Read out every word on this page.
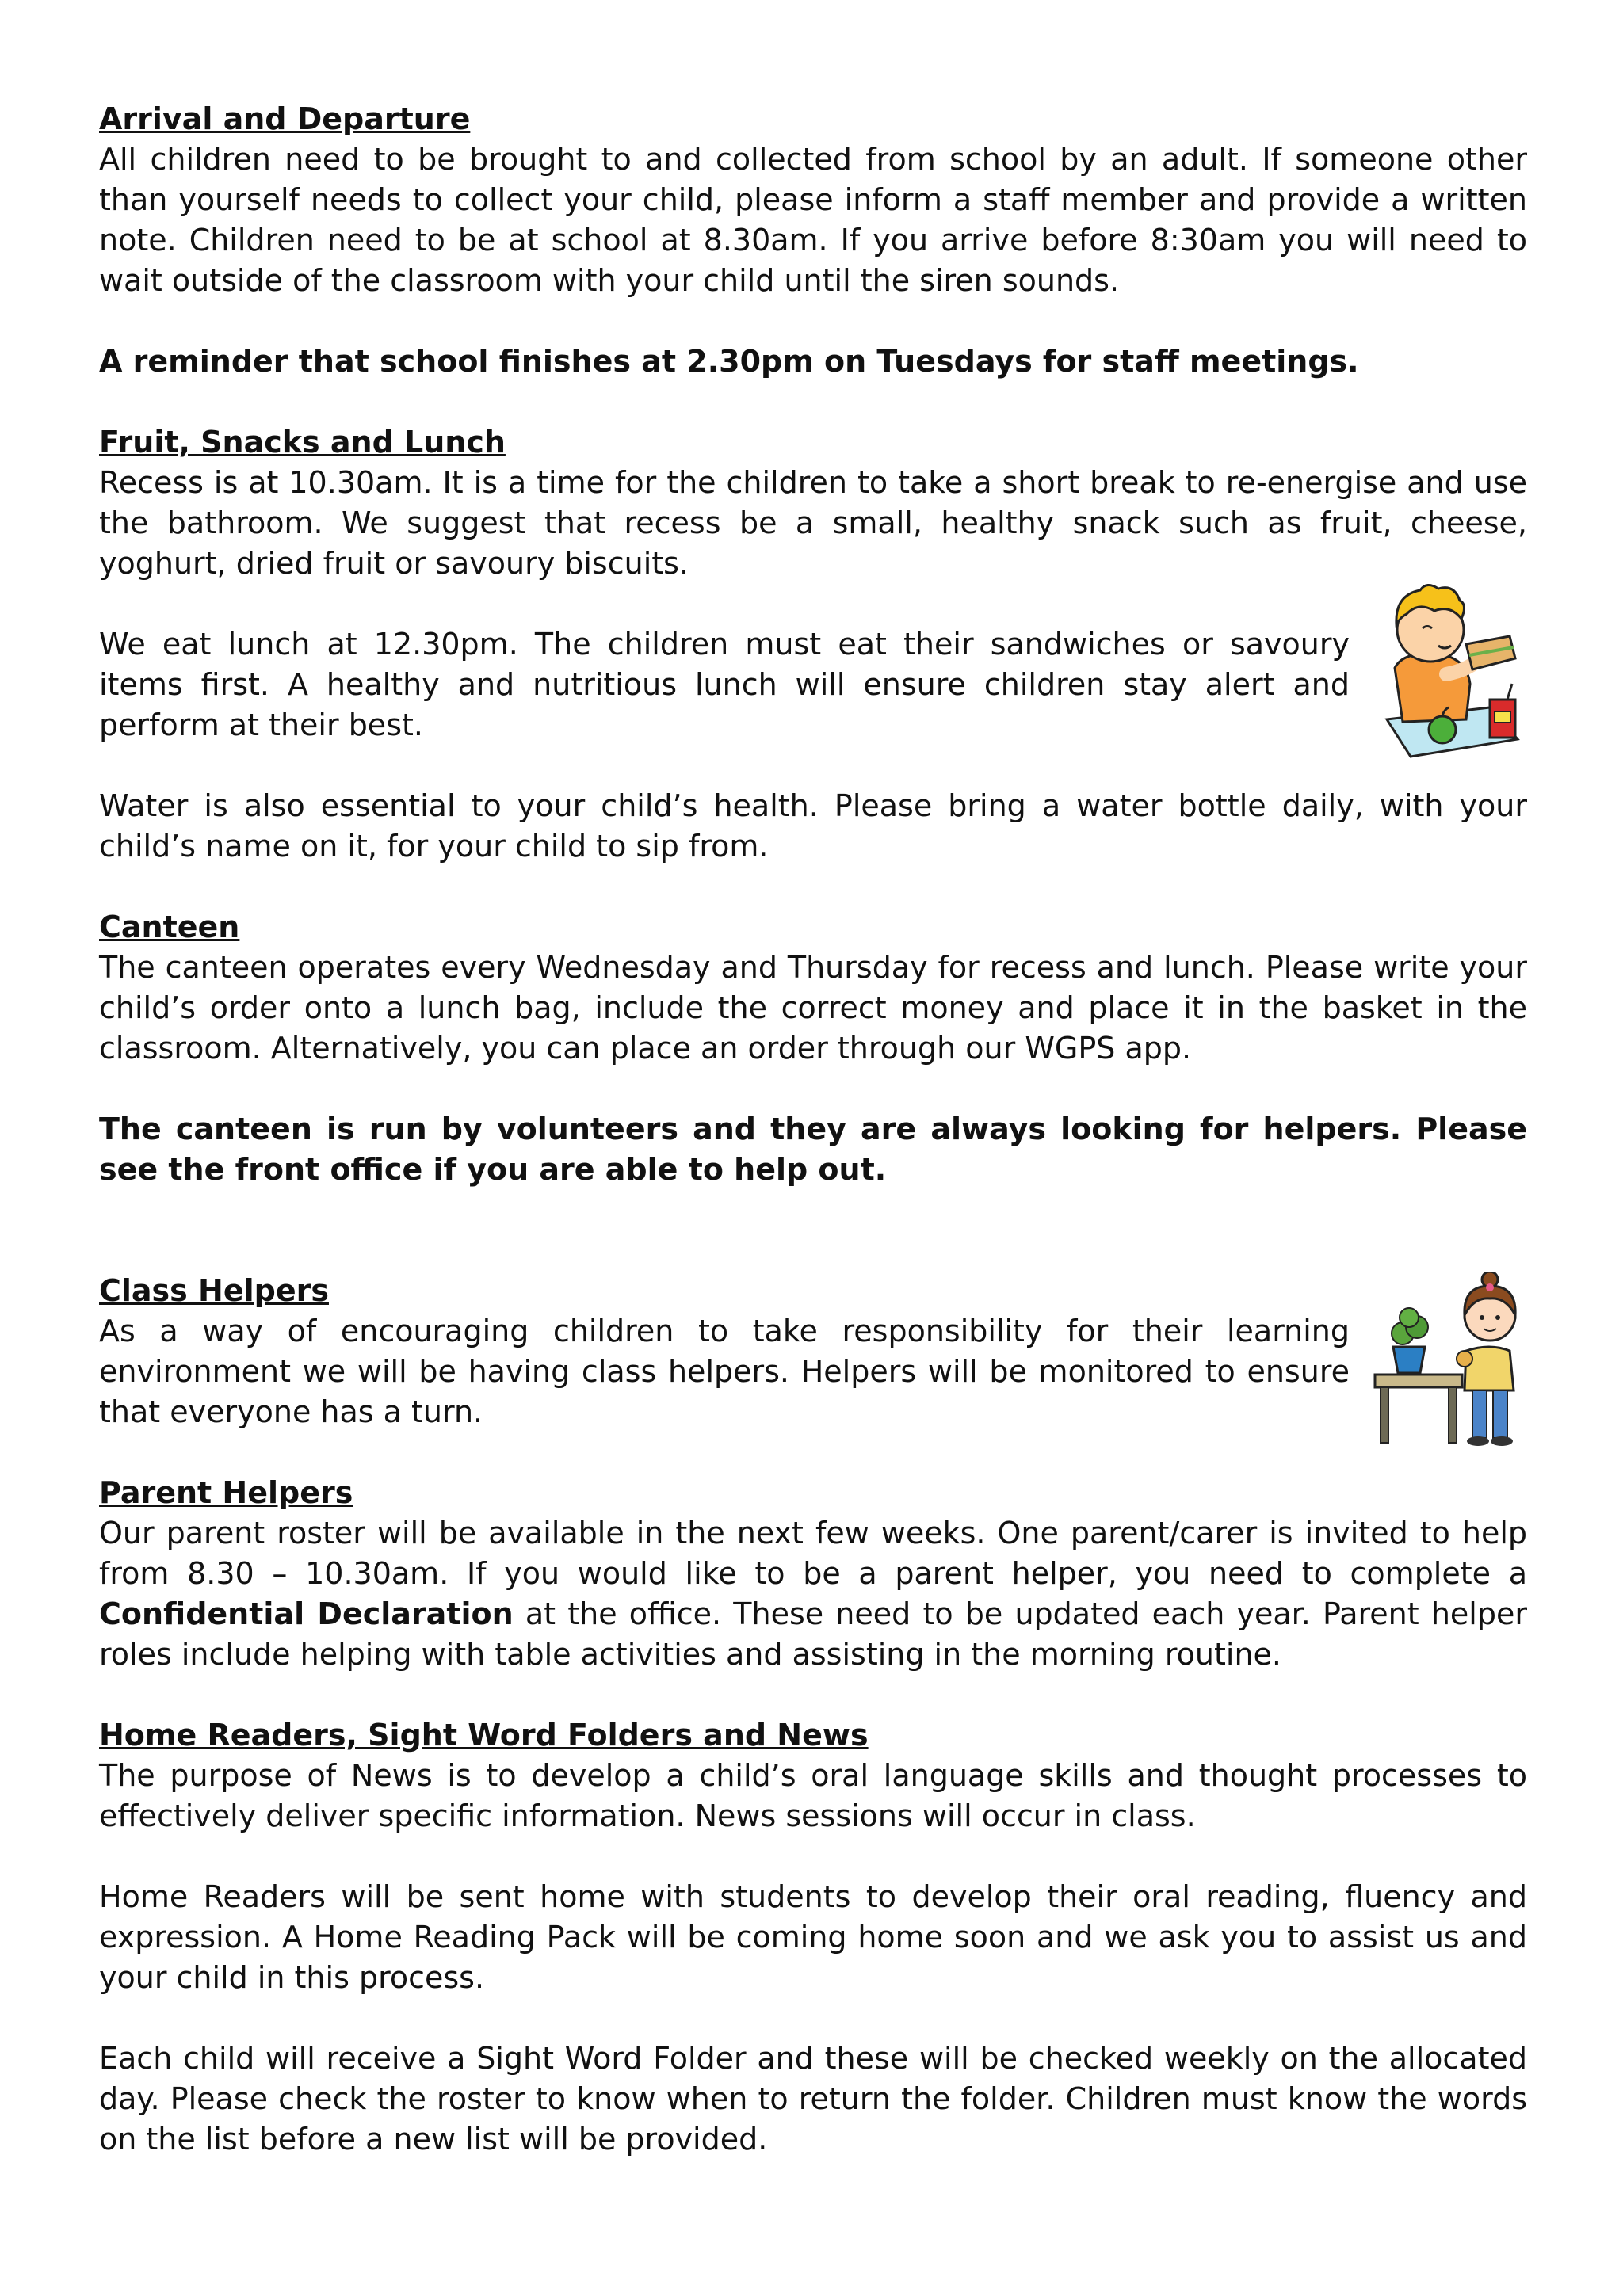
Arrival and Departure

All children need to be brought to and collected from school by an adult. If someone other than yourself needs to collect your child, please inform a staff member and provide a written note. Children need to be at school at 8.30am. If you arrive before 8:30am you will need to wait outside of the classroom with your child until the siren sounds.

A reminder that school finishes at 2.30pm on Tuesdays for staff meetings.

Fruit, Snacks and Lunch

Recess is at 10.30am. It is a time for the children to take a short break to re-energise and use the bathroom. We suggest that recess be a small, healthy snack such as fruit, cheese, yoghurt, dried fruit or savoury biscuits.

We eat lunch at 12.30pm. The children must eat their sandwiches or savoury items first. A healthy and nutritious lunch will ensure children stay alert and perform at their best.

Water is also essential to your child’s health. Please bring a water bottle daily, with your child’s name on it, for your child to sip from.

Canteen

The canteen operates every Wednesday and Thursday for recess and lunch. Please write your child’s order onto a lunch bag, include the correct money and place it in the basket in the classroom. Alternatively, you can place an order through our WGPS app.

The canteen is run by volunteers and they are always looking for helpers. Please see the front office if you are able to help out.

Class Helpers

As a way of encouraging children to take responsibility for their learning environment we will be having class helpers. Helpers will be monitored to ensure that everyone has a turn.

Parent Helpers

Our parent roster will be available in the next few weeks. One parent/carer is invited to help from 8.30 – 10.30am. If you would like to be a parent helper, you need to complete a Confidential Declaration at the office. These need to be updated each year. Parent helper roles include helping with table activities and assisting in the morning routine.

Home Readers, Sight Word Folders and News

The purpose of News is to develop a child’s oral language skills and thought processes to effectively deliver specific information. News sessions will occur in class.

Home Readers will be sent home with students to develop their oral reading, fluency and expression. A Home Reading Pack will be coming home soon and we ask you to assist us and your child in this process.

Each child will receive a Sight Word Folder and these will be checked weekly on the allocated day. Please check the roster to know when to return the folder. Children must know the words on the list before a new list will be provided.
